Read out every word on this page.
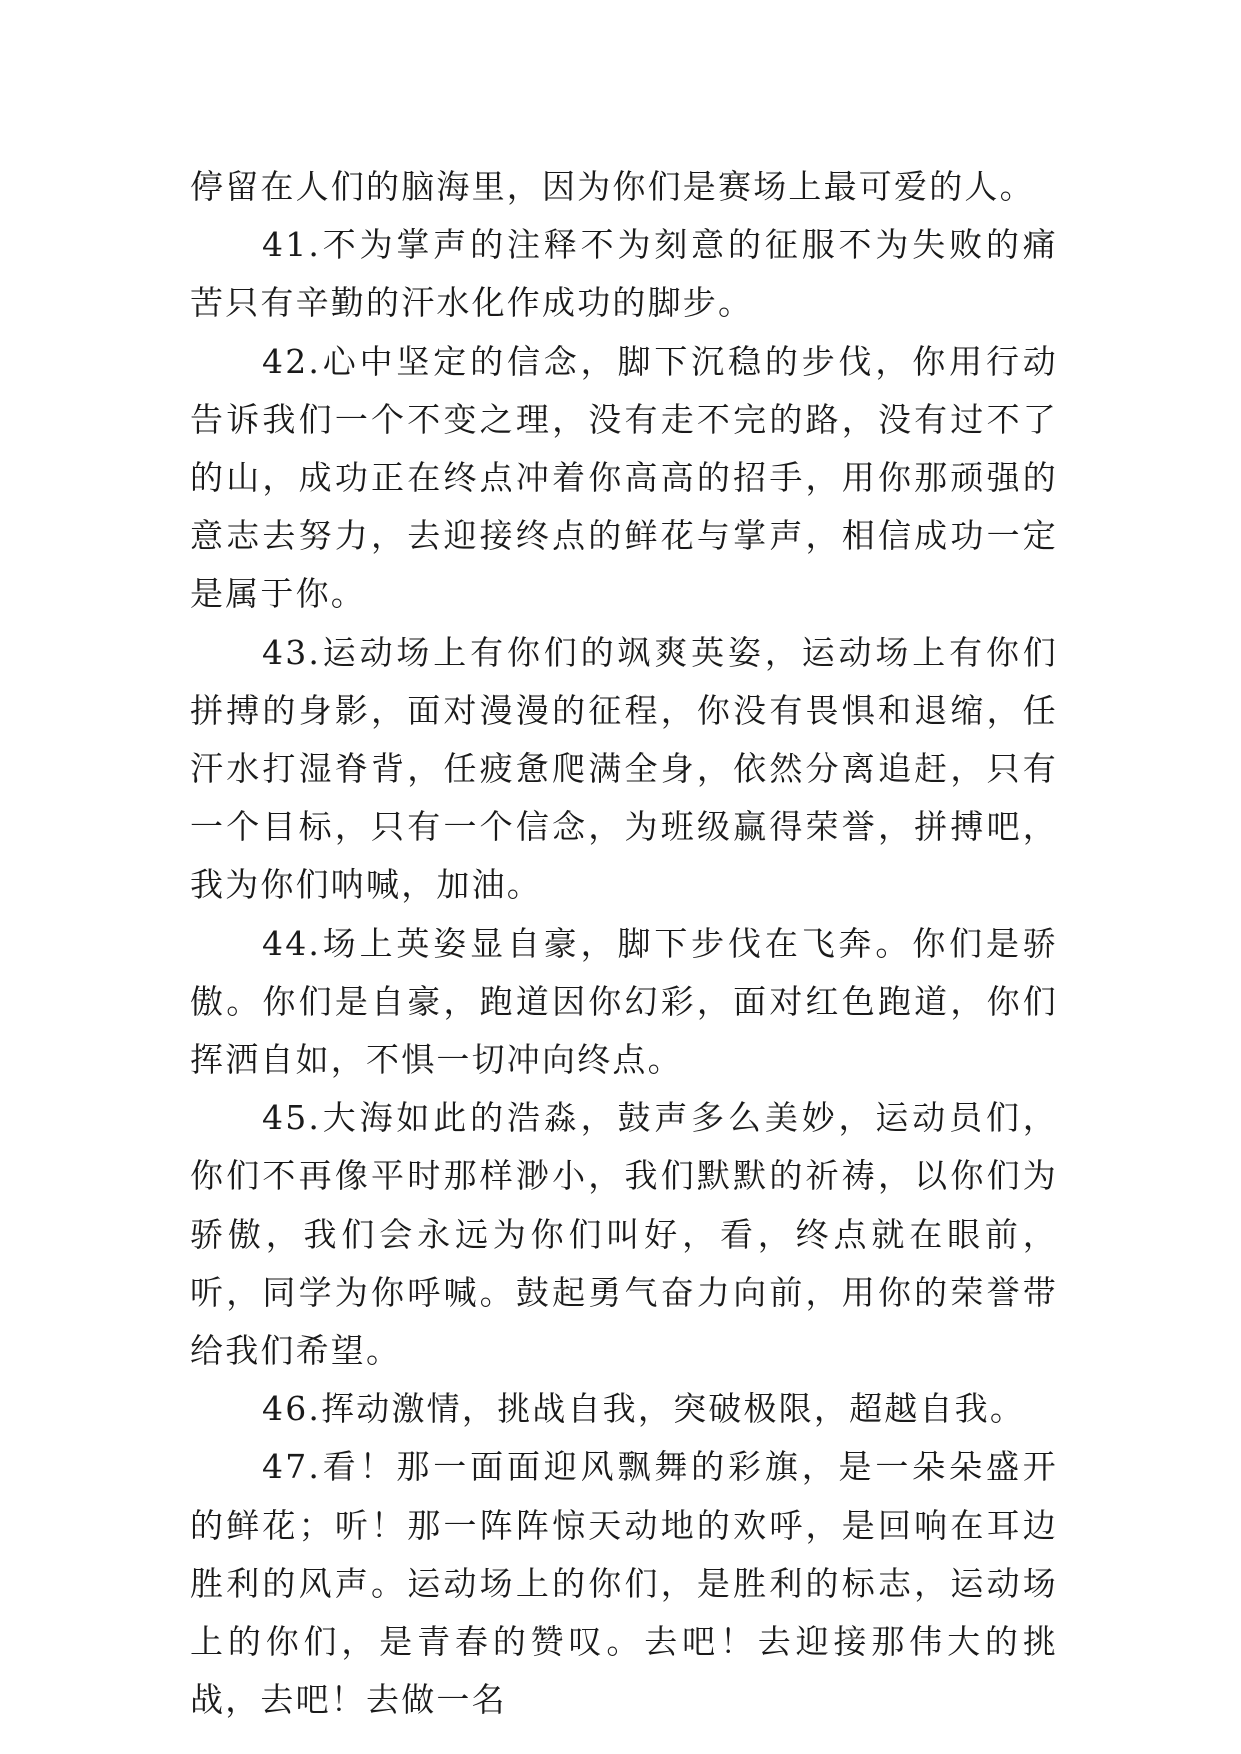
停留在人们的脑海里，因为你们是赛场上最可爱的人。

41.不为掌声的注释不为刻意的征服不为失败的痛苦只有辛勤的汗水化作成功的脚步。

42.心中坚定的信念，脚下沉稳的步伐，你用行动告诉我们一个不变之理，没有走不完的路，没有过不了的山，成功正在终点冲着你高高的招手，用你那顽强的意志去努力，去迎接终点的鲜花与掌声，相信成功一定是属于你。

43.运动场上有你们的飒爽英姿，运动场上有你们拼搏的身影，面对漫漫的征程，你没有畏惧和退缩，任汗水打湿脊背，任疲惫爬满全身，依然分离追赶，只有一个目标，只有一个信念，为班级赢得荣誉，拼搏吧，我为你们呐喊，加油。

44.场上英姿显自豪，脚下步伐在飞奔。你们是骄傲。你们是自豪，跑道因你幻彩，面对红色跑道，你们挥洒自如，不惧一切冲向终点。

45.大海如此的浩淼，鼓声多么美妙，运动员们，你们不再像平时那样渺小，我们默默的祈祷，以你们为骄傲，我们会永远为你们叫好，看，终点就在眼前，听，同学为你呼喊。鼓起勇气奋力向前，用你的荣誉带给我们希望。

46.挥动激情，挑战自我，突破极限，超越自我。

47.看！那一面面迎风飘舞的彩旗，是一朵朵盛开的鲜花；听！那一阵阵惊天动地的欢呼，是回响在耳边胜利的风声。运动场上的你们，是胜利的标志，运动场上的你们，是青春的赞叹。去吧！去迎接那伟大的挑战，去吧！去做一名
